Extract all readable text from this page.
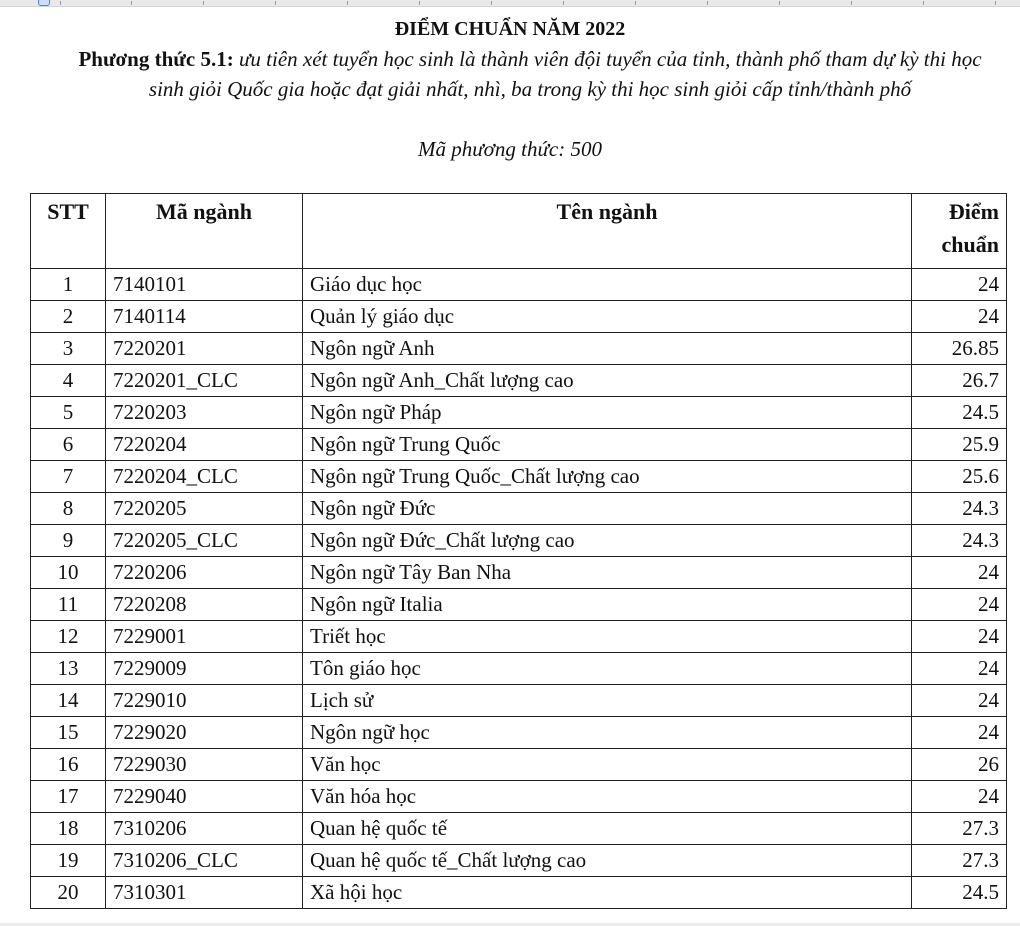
ĐIỂM CHUẨN NĂM 2022
Phương thức 5.1: ưu tiên xét tuyển học sinh là thành viên đội tuyển của tỉnh, thành phố tham dự kỳ thi học sinh giỏi Quốc gia hoặc đạt giải nhất, nhì, ba trong kỳ thi học sinh giỏi cấp tỉnh/thành phố
Mã phương thức: 500
STT	Mã ngành	Tên ngành	Điểm
chuẩn
1	7140101	Giáo dục học	24
2	7140114	Quản lý giáo dục	24
3	7220201	Ngôn ngữ Anh	26.85
4	7220201_CLC	Ngôn ngữ Anh_Chất lượng cao	26.7
5	7220203	Ngôn ngữ Pháp	24.5
6	7220204	Ngôn ngữ Trung Quốc	25.9
7	7220204_CLC	Ngôn ngữ Trung Quốc_Chất lượng cao	25.6
8	7220205	Ngôn ngữ Đức	24.3
9	7220205_CLC	Ngôn ngữ Đức_Chất lượng cao	24.3
10	7220206	Ngôn ngữ Tây Ban Nha	24
11	7220208	Ngôn ngữ Italia	24
12	7229001	Triết học	24
13	7229009	Tôn giáo học	24
14	7229010	Lịch sử	24
15	7229020	Ngôn ngữ học	24
16	7229030	Văn học	26
17	7229040	Văn hóa học	24
18	7310206	Quan hệ quốc tế	27.3
19	7310206_CLC	Quan hệ quốc tế_Chất lượng cao	27.3
20	7310301	Xã hội học	24.5
